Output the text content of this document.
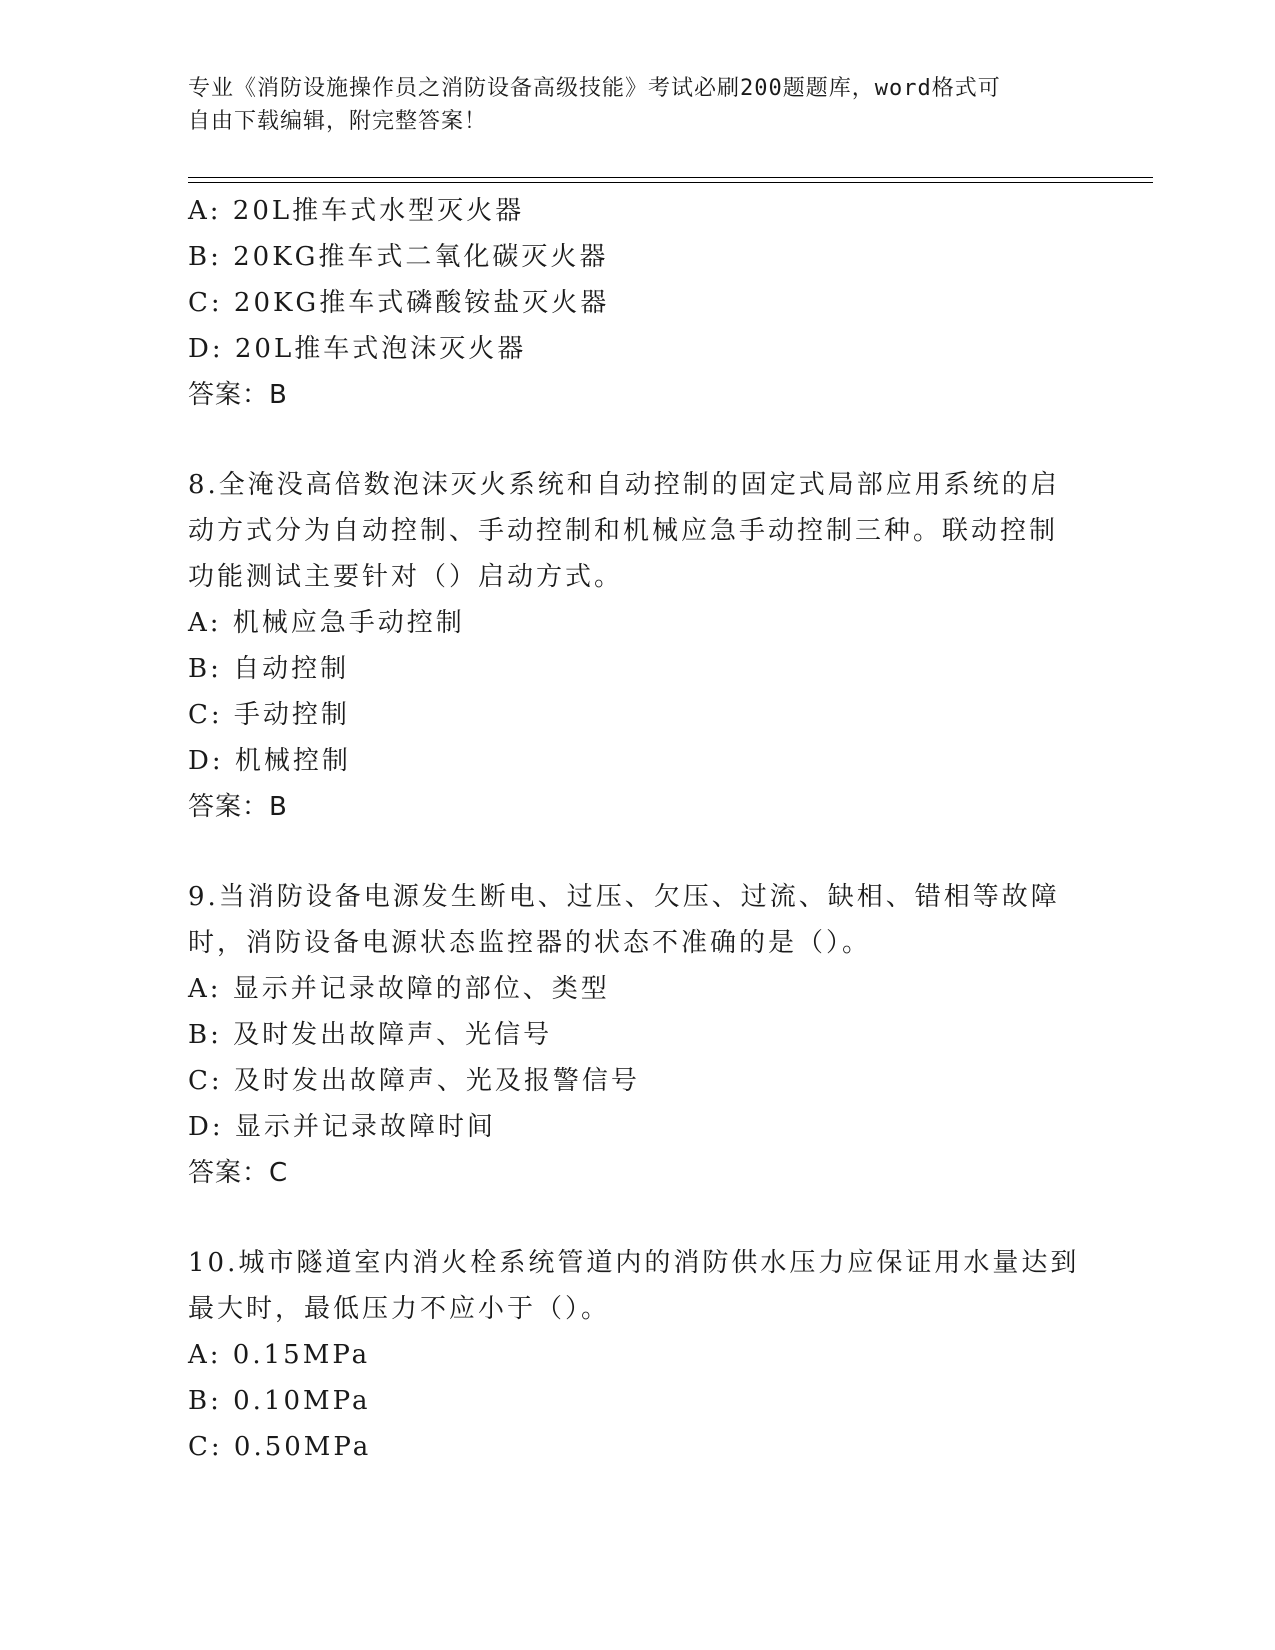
专业《消防设施操作员之消防设备高级技能》考试必刷200题题库，word格式可
自由下载编辑，附完整答案！
A: 20L推车式水型灭火器
B: 20KG推车式二氧化碳灭火器
C: 20KG推车式磷酸铵盐灭火器
D: 20L推车式泡沫灭火器
答案：B
8.全淹没高倍数泡沫灭火系统和自动控制的固定式局部应用系统的启
动方式分为自动控制、手动控制和机械应急手动控制三种。联动控制
功能测试主要针对（）启动方式。
A: 机械应急手动控制
B: 自动控制
C: 手动控制
D: 机械控制
答案：B
9.当消防设备电源发生断电、过压、欠压、过流、缺相、错相等故障
时，消防设备电源状态监控器的状态不准确的是（）。
A: 显示并记录故障的部位、类型
B: 及时发出故障声、光信号
C: 及时发出故障声、光及报警信号
D: 显示并记录故障时间
答案：C
10.城市隧道室内消火栓系统管道内的消防供水压力应保证用水量达到
最大时，最低压力不应小于（）。
A: 0.15MPa
B: 0.10MPa
C: 0.50MPa
